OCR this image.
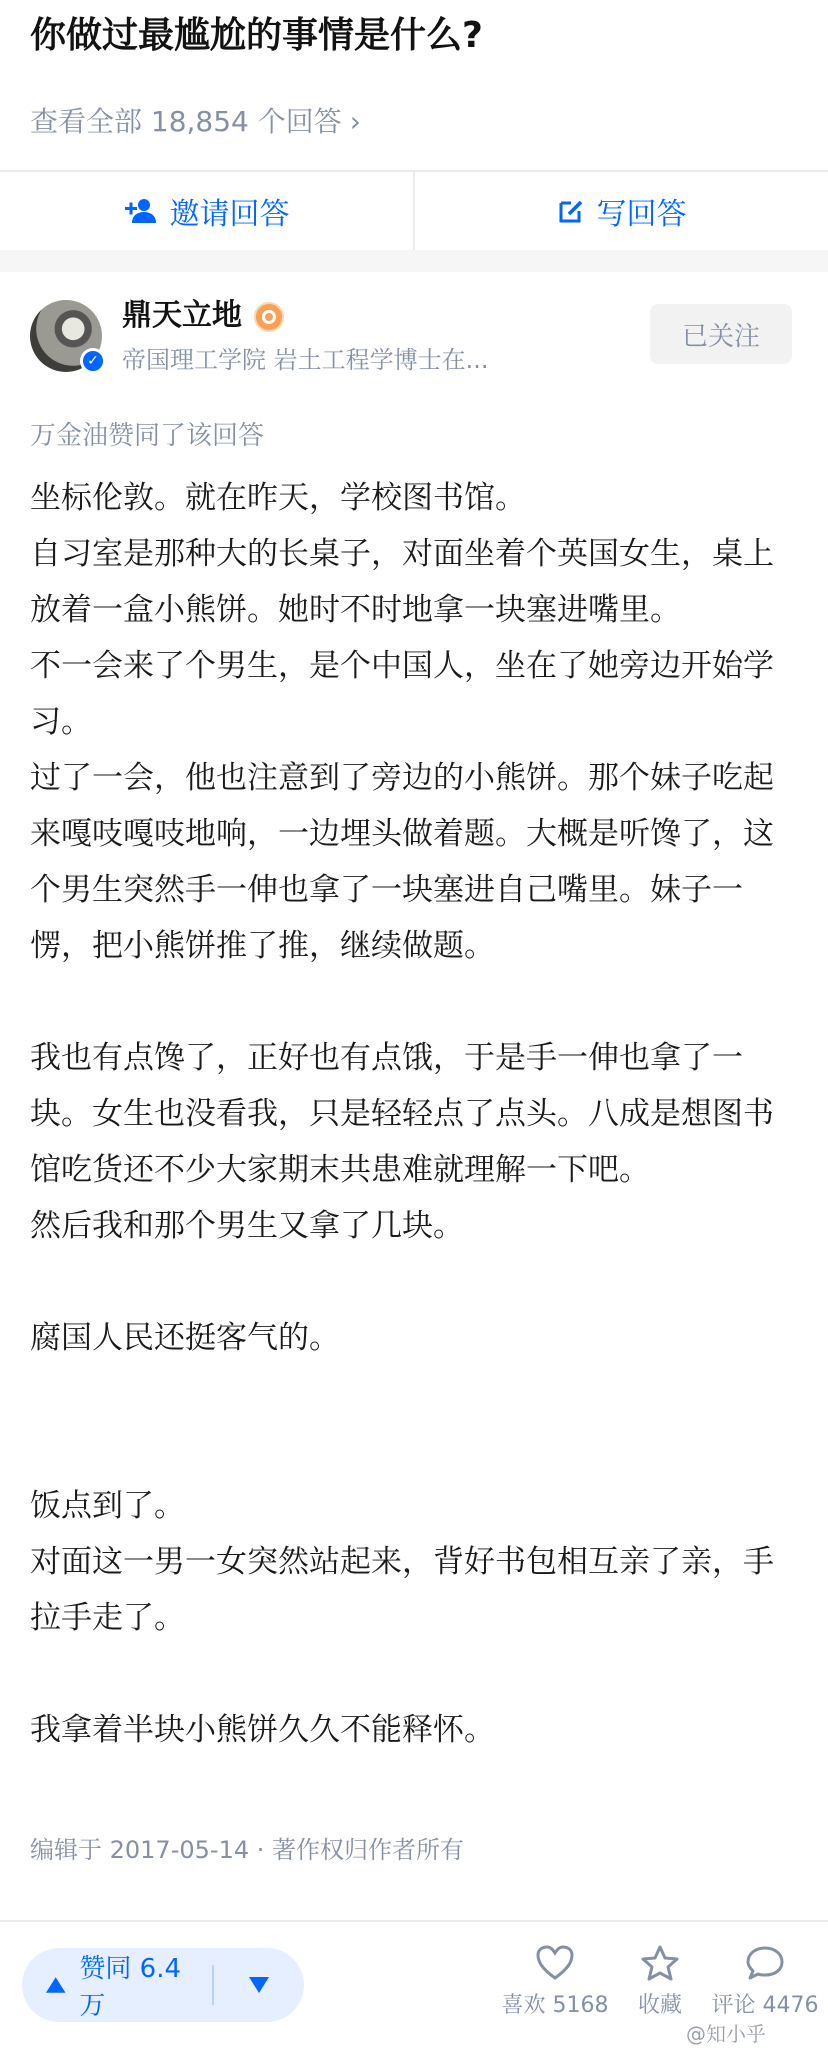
你做过最尴尬的事情是什么?
查看全部 18,854 个回答 ›
邀请回答	写回答
✓
鼎天立地
帝国理工学院 岩土工程学博士在...
已关注
万金油赞同了该回答

坐标伦敦。就在昨天，学校图书馆。

自习室是那种大的长桌子，对面坐着个英国女生，桌上放着一盒小熊饼。她时不时地拿一块塞进嘴里。

不一会来了个男生，是个中国人，坐在了她旁边开始学习。

过了一会，他也注意到了旁边的小熊饼。那个妹子吃起来嘎吱嘎吱地响，一边埋头做着题。大概是听馋了，这个男生突然手一伸也拿了一块塞进自己嘴里。妹子一愣，把小熊饼推了推，继续做题。

我也有点馋了，正好也有点饿，于是手一伸也拿了一块。女生也没看我，只是轻轻点了点头。八成是想图书馆吃货还不少大家期末共患难就理解一下吧。

然后我和那个男生又拿了几块。

腐国人民还挺客气的。

饭点到了。

对面这一男一女突然站起来，背好书包相互亲了亲，手拉手走了。

我拿着半块小熊饼久久不能释怀。

编辑于 2017-05-14 · 著作权归作者所有
赞同 6.4 万	喜欢 5168	收藏	评论 4476
@知小乎
